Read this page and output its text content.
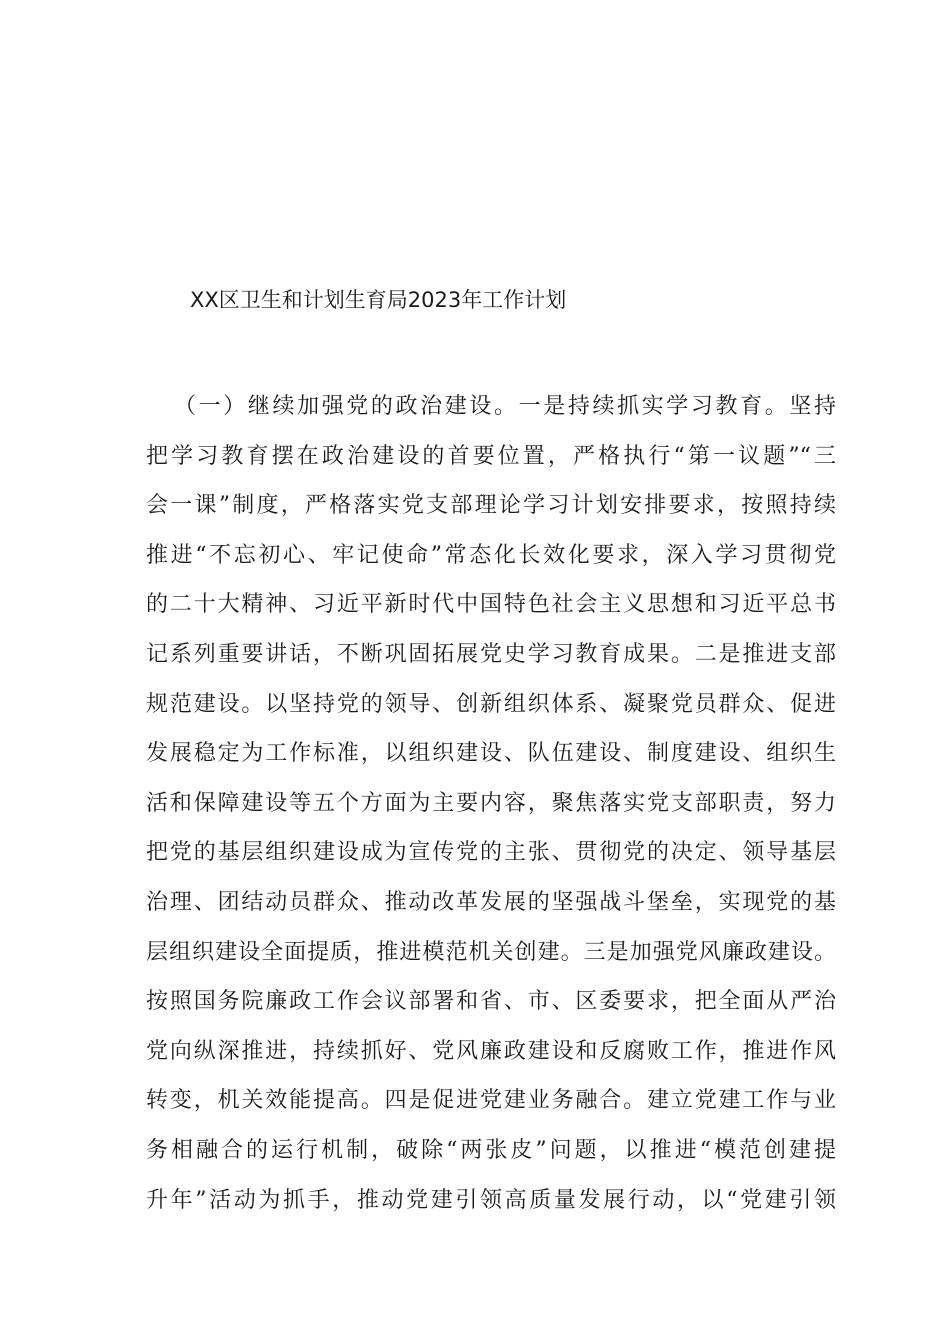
XX区卫生和计划生育局2023年工作计划
（一）继续加强党的政治建设。一是持续抓实学习教育。坚持
把学习教育摆在政治建设的首要位置，严格执行“第一议题”“三
会一课”制度，严格落实党支部理论学习计划安排要求，按照持续
推进“不忘初心、牢记使命”常态化长效化要求，深入学习贯彻党
的二十大精神、习近平新时代中国特色社会主义思想和习近平总书
记系列重要讲话，不断巩固拓展党史学习教育成果。二是推进支部
规范建设。以坚持党的领导、创新组织体系、凝聚党员群众、促进
发展稳定为工作标准，以组织建设、队伍建设、制度建设、组织生
活和保障建设等五个方面为主要内容，聚焦落实党支部职责，努力
把党的基层组织建设成为宣传党的主张、贯彻党的决定、领导基层
治理、团结动员群众、推动改革发展的坚强战斗堡垒，实现党的基
层组织建设全面提质，推进模范机关创建。三是加强党风廉政建设。
按照国务院廉政工作会议部署和省、市、区委要求，把全面从严治
党向纵深推进，持续抓好、党风廉政建设和反腐败工作，推进作风
转变，机关效能提高。四是促进党建业务融合。建立党建工作与业
务相融合的运行机制，破除“两张皮”问题，以推进“模范创建提
升年”活动为抓手，推动党建引领高质量发展行动，以“党建引领
